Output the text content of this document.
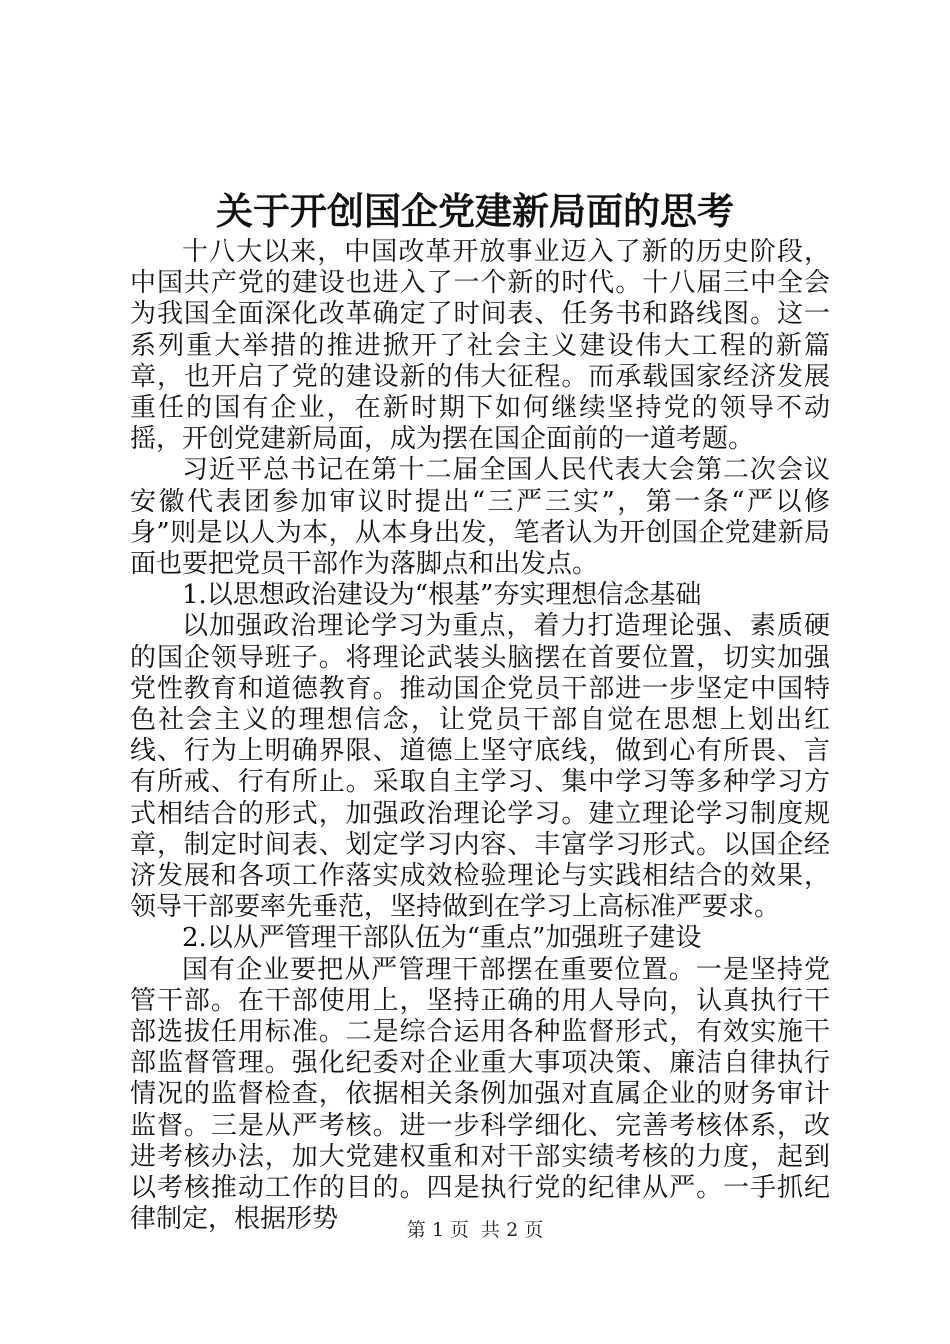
关于开创国企党建新局面的思考

十八大以来，中国改革开放事业迈入了新的历史阶段，中国共产党的建设也进入了一个新的时代。十八届三中全会为我国全面深化改革确定了时间表、任务书和路线图。这一系列重大举措的推进掀开了社会主义建设伟大工程的新篇章，也开启了党的建设新的伟大征程。而承载国家经济发展重任的国有企业，在新时期下如何继续坚持党的领导不动摇，开创党建新局面，成为摆在国企面前的一道考题。

习近平总书记在第十二届全国人民代表大会第二次会议安徽代表团参加审议时提出“三严三实”，第一条“严以修身”则是以人为本，从本身出发，笔者认为开创国企党建新局面也要把党员干部作为落脚点和出发点。

1.以思想政治建设为“根基”夯实理想信念基础

以加强政治理论学习为重点，着力打造理论强、素质硬的国企领导班子。将理论武装头脑摆在首要位置，切实加强党性教育和道德教育。推动国企党员干部进一步坚定中国特色社会主义的理想信念，让党员干部自觉在思想上划出红线、行为上明确界限、道德上坚守底线，做到心有所畏、言有所戒、行有所止。采取自主学习、集中学习等多种学习方式相结合的形式，加强政治理论学习。建立理论学习制度规章，制定时间表、划定学习内容、丰富学习形式。以国企经济发展和各项工作落实成效检验理论与实践相结合的效果，领导干部要率先垂范，坚持做到在学习上高标准严要求。

2.以从严管理干部队伍为“重点”加强班子建设

国有企业要把从严管理干部摆在重要位置。一是坚持党管干部。在干部使用上，坚持正确的用人导向，认真执行干部选拔任用标准。二是综合运用各种监督形式，有效实施干部监督管理。强化纪委对企业重大事项决策、廉洁自律执行情况的监督检查，依据相关条例加强对直属企业的财务审计监督。三是从严考核。进一步科学细化、完善考核体系，改进考核办法，加大党建权重和对干部实绩考核的力度，起到以考核推动工作的目的。四是执行党的纪律从严。一手抓纪律制定，根据形势	第 1 页  共 2 页
